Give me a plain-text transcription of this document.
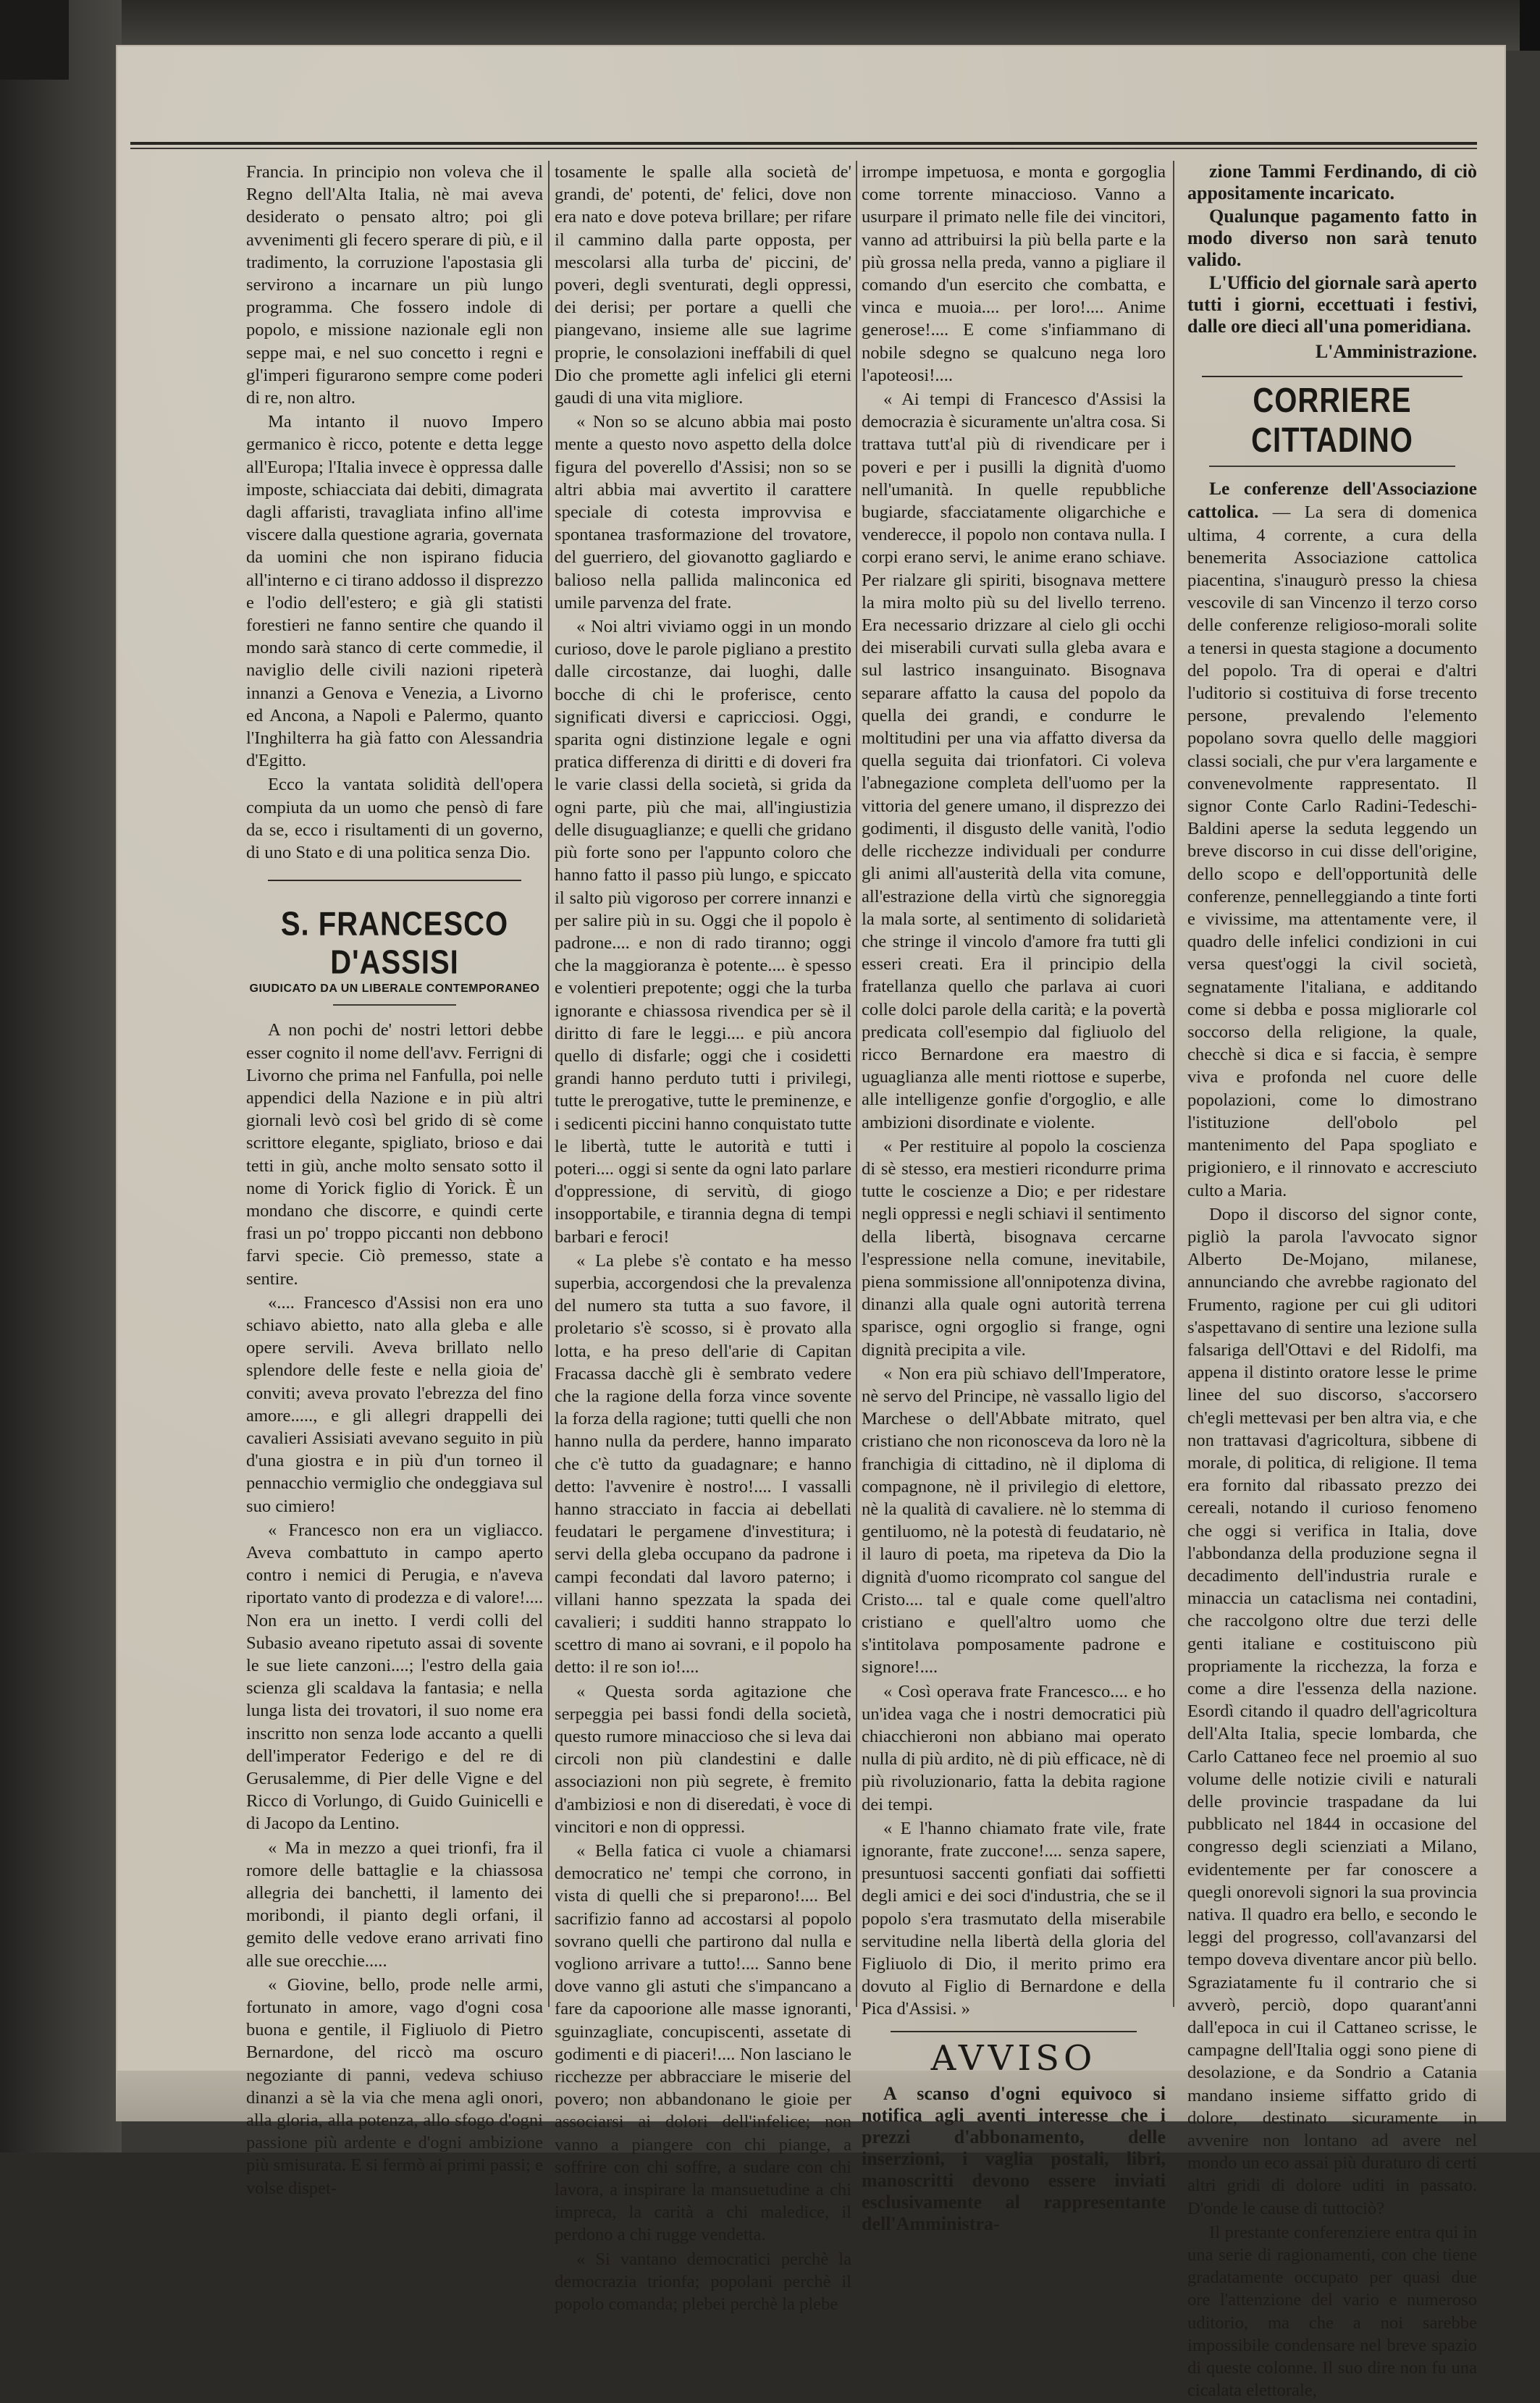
Francia. In principio non voleva che il Regno dell'Alta Italia, nè mai aveva desiderato o pensato altro; poi gli avvenimenti gli fecero sperare di più, e il tradimento, la corruzione l'apostasia gli servirono a incarnare un più lungo programma. Che fossero indole di popolo, e missione nazionale egli non seppe mai, e nel suo concetto i regni e gl'imperi figurarono sempre come poderi di re, non altro.

Ma intanto il nuovo Impero germanico è ricco, potente e detta legge all'Europa; l'Italia invece è oppressa dalle imposte, schiacciata dai debiti, dimagrata dagli affaristi, travagliata infino all'ime viscere dalla questione agraria, governata da uomini che non ispirano fiducia all'interno e ci tirano addosso il disprezzo e l'odio dell'estero; e già gli statisti forestieri ne fanno sentire che quando il mondo sarà stanco di certe commedie, il naviglio delle civili nazioni ripeterà innanzi a Genova e Venezia, a Livorno ed Ancona, a Napoli e Palermo, quanto l'Inghilterra ha già fatto con Alessandria d'Egitto.

Ecco la vantata solidità dell'opera compiuta da un uomo che pensò di fare da se, ecco i risultamenti di un governo, di uno Stato e di una politica senza Dio.

S. FRANCESCO D'ASSISI
GIUDICATO DA UN LIBERALE CONTEMPORANEO

A non pochi de' nostri lettori debbe esser cognito il nome dell'avv. Ferrigni di Livorno che prima nel Fanfulla, poi nelle appendici della Nazione e in più altri giornali levò così bel grido di sè come scrittore elegante, spigliato, brioso e dai tetti in giù, anche molto sensato sotto il nome di Yorick figlio di Yorick. È un mondano che discorre, e quindi certe frasi un po' troppo piccanti non debbono farvi specie. Ciò premesso, state a sentire.

«.... Francesco d'Assisi non era uno schiavo abietto, nato alla gleba e alle opere servili. Aveva brillato nello splendore delle feste e nella gioia de' conviti; aveva provato l'ebrezza del fino amore....., e gli allegri drappelli dei cavalieri Assisiati avevano seguito in più d'una giostra e in più d'un torneo il pennacchio vermiglio che ondeggiava sul suo cimiero!

« Francesco non era un vigliacco. Aveva combattuto in campo aperto contro i nemici di Perugia, e n'aveva riportato vanto di prodezza e di valore!.... Non era un inetto. I verdi colli del Subasio aveano ripetuto assai di sovente le sue liete canzoni....; l'estro della gaia scienza gli scaldava la fantasia; e nella lunga lista dei trovatori, il suo nome era inscritto non senza lode accanto a quelli dell'imperator Federigo e del re di Gerusalemme, di Pier delle Vigne e del Ricco di Vorlungo, di Guido Guinicelli e di Jacopo da Lentino.

« Ma in mezzo a quei trionfi, fra il romore delle battaglie e la chiassosa allegria dei banchetti, il lamento dei moribondi, il pianto degli orfani, il gemito delle vedove erano arrivati fino alle sue orecchie.....

« Giovine, bello, prode nelle armi, fortunato in amore, vago d'ogni cosa buona e gentile, il Figliuolo di Pietro Bernardone, del riccò ma oscuro negoziante di panni, vedeva schiuso dinanzi a sè la via che mena agli onori, alla gloria, alla potenza, allo sfogo d'ogni passione più ardente e d'ogni ambizione più smisurata. E si fermò ai primi passi; e volse dispet-

tosamente le spalle alla società de' grandi, de' potenti, de' felici, dove non era nato e dove poteva brillare; per rifare il cammino dalla parte opposta, per mescolarsi alla turba de' piccini, de' poveri, degli sventurati, degli oppressi, dei derisi; per portare a quelli che piangevano, insieme alle sue lagrime proprie, le consolazioni ineffabili di quel Dio che promette agli infelici gli eterni gaudi di una vita migliore.

« Non so se alcuno abbia mai posto mente a questo novo aspetto della dolce figura del poverello d'Assisi; non so se altri abbia mai avvertito il carattere speciale di cotesta improvvisa e spontanea trasformazione del trovatore, del guerriero, del giovanotto gagliardo e balioso nella pallida malinconica ed umile parvenza del frate.

« Noi altri viviamo oggi in un mondo curioso, dove le parole pigliano a prestito dalle circostanze, dai luoghi, dalle bocche di chi le proferisce, cento significati diversi e capricciosi. Oggi, sparita ogni distinzione legale e ogni pratica differenza di diritti e di doveri fra le varie classi della società, si grida da ogni parte, più che mai, all'ingiustizia delle disuguaglianze; e quelli che gridano più forte sono per l'appunto coloro che hanno fatto il passo più lungo, e spiccato il salto più vigoroso per correre innanzi e per salire più in su. Oggi che il popolo è padrone.... e non di rado tiranno; oggi che la maggioranza è potente.... è spesso e volentieri prepotente; oggi che la turba ignorante e chiassosa rivendica per sè il diritto di fare le leggi.... e più ancora quello di disfarle; oggi che i cosidetti grandi hanno perduto tutti i privilegi, tutte le prerogative, tutte le preminenze, e i sedicenti piccini hanno conquistato tutte le libertà, tutte le autorità e tutti i poteri.... oggi si sente da ogni lato parlare d'oppressione, di servitù, di giogo insopportabile, e tirannia degna di tempi barbari e feroci!

« La plebe s'è contato e ha messo superbia, accorgendosi che la prevalenza del numero sta tutta a suo favore, il proletario s'è scosso, si è provato alla lotta, e ha preso dell'arie di Capitan Fracassa dacchè gli è sembrato vedere che la ragione della forza vince sovente la forza della ragione; tutti quelli che non hanno nulla da perdere, hanno imparato che c'è tutto da guadagnare; e hanno detto: l'avvenire è nostro!.... I vassalli hanno stracciato in faccia ai debellati feudatari le pergamene d'investitura; i servi della gleba occupano da padrone i campi fecondati dal lavoro paterno; i villani hanno spezzata la spada dei cavalieri; i sudditi hanno strappato lo scettro di mano ai sovrani, e il popolo ha detto: il re son io!....

« Questa sorda agitazione che serpeggia pei bassi fondi della società, questo rumore minaccioso che si leva dai circoli non più clandestini e dalle associazioni non più segrete, è fremito d'ambiziosi e non di diseredati, è voce di vincitori e non di oppressi.

« Bella fatica ci vuole a chiamarsi democratico ne' tempi che corrono, in vista di quelli che si preparono!.... Bel sacrifizio fanno ad accostarsi al popolo sovrano quelli che partirono dal nulla e vogliono arrivare a tutto!.... Sanno bene dove vanno gli astuti che s'impancano a fare da capoorione alle masse ignoranti, sguinzagliate, concupiscenti, assetate di godimenti e di piaceri!.... Non lasciano le ricchezze per abbracciare le miserie del povero; non abbandonano le gioie per associarsi ai dolori dell'infelice; non vanno a piangere con chi piange, a soffrire con chi soffre, a sudare con chi lavora, a inspirare la mansuetudine a chi impreca, la carità a chi maledice, il perdono a chi rugge vendetta.

« Si vantano democratici perchè la democrazia trionfa; popolani perchè il popolo comanda; plebei perchè la plebe

irrompe impetuosa, e monta e gorgoglia come torrente minaccioso. Vanno a usurpare il primato nelle file dei vincitori, vanno ad attribuirsi la più bella parte e la più grossa nella preda, vanno a pigliare il comando d'un esercito che combatta, e vinca e muoia.... per loro!.... Anime generose!.... E come s'infiammano di nobile sdegno se qualcuno nega loro l'apoteosi!....

« Ai tempi di Francesco d'Assisi la democrazia è sicuramente un'altra cosa. Si trattava tutt'al più di rivendicare per i poveri e per i pusilli la dignità d'uomo nell'umanità. In quelle repubbliche bugiarde, sfacciatamente oligarchiche e venderecce, il popolo non contava nulla. I corpi erano servi, le anime erano schiave. Per rialzare gli spiriti, bisognava mettere la mira molto più su del livello terreno. Era necessario drizzare al cielo gli occhi dei miserabili curvati sulla gleba avara e sul lastrico insanguinato. Bisognava separare affatto la causa del popolo da quella dei grandi, e condurre le moltitudini per una via affatto diversa da quella seguita dai trionfatori. Ci voleva l'abnegazione completa dell'uomo per la vittoria del genere umano, il disprezzo dei godimenti, il disgusto delle vanità, l'odio delle ricchezze individuali per condurre gli animi all'austerità della vita comune, all'estrazione della virtù che signoreggia la mala sorte, al sentimento di solidarietà che stringe il vincolo d'amore fra tutti gli esseri creati. Era il principio della fratellanza quello che parlava ai cuori colle dolci parole della carità; e la povertà predicata coll'esempio dal figliuolo del ricco Bernardone era maestro di uguaglianza alle menti riottose e superbe, alle intelligenze gonfie d'orgoglio, e alle ambizioni disordinate e violente.

« Per restituire al popolo la coscienza di sè stesso, era mestieri ricondurre prima tutte le coscienze a Dio; e per ridestare negli oppressi e negli schiavi il sentimento della libertà, bisognava cercarne l'espressione nella comune, inevitabile, piena sommissione all'onnipotenza divina, dinanzi alla quale ogni autorità terrena sparisce, ogni orgoglio si frange, ogni dignità precipita a vile.

« Non era più schiavo dell'Imperatore, nè servo del Principe, nè vassallo ligio del Marchese o dell'Abbate mitrato, quel cristiano che non riconosceva da loro nè la franchigia di cittadino, nè il diploma di compagnone, nè il privilegio di elettore, nè la qualità di cavaliere. nè lo stemma di gentiluomo, nè la potestà di feudatario, nè il lauro di poeta, ma ripeteva da Dio la dignità d'uomo ricomprato col sangue del Cristo.... tal e quale come quell'altro cristiano e quell'altro uomo che s'intitolava pomposamente padrone e signore!....

« Così operava frate Francesco.... e ho un'idea vaga che i nostri democratici più chiacchieroni non abbiano mai operato nulla di più ardito, nè di più efficace, nè di più rivoluzionario, fatta la debita ragione dei tempi.

« E l'hanno chiamato frate vile, frate ignorante, frate zuccone!.... senza sapere, presuntuosi saccenti gonfiati dai soffietti degli amici e dei soci d'industria, che se il popolo s'era trasmutato della miserabile servitudine nella libertà della gloria del Figliuolo di Dio, il merito primo era dovuto al Figlio di Bernardone e della Pica d'Assisi. »

AVVISO

A scanso d'ogni equivoco si notifica agli aventi interesse che i prezzi d'abbonamento, delle inserzioni, i vaglia postali, libri, manoscritti devono essere inviati esclusivamente al rappresentante dell'Amministra-

zione Tammi Ferdinando, di ciò appositamente incaricato.

Qualunque pagamento fatto in modo diverso non sarà tenuto valido.

L'Ufficio del giornale sarà aperto tutti i giorni, eccettuati i festivi, dalle ore dieci all'una pomeridiana.

L'Amministrazione.
CORRIERE CITTADINO

Le conferenze dell'Associazione cattolica. — La sera di domenica ultima, 4 corrente, a cura della benemerita Associazione cattolica piacentina, s'inaugurò presso la chiesa vescovile di san Vincenzo il terzo corso delle conferenze religioso-morali solite a tenersi in questa stagione a documento del popolo. Tra di operai e d'altri l'uditorio si costituiva di forse trecento persone, prevalendo l'elemento popolano sovra quello delle maggiori classi sociali, che pur v'era largamente e convenevolmente rappresentato. Il signor Conte Carlo Radini-Tedeschi-Baldini aperse la seduta leggendo un breve discorso in cui disse dell'origine, dello scopo e dell'opportunità delle conferenze, pennelleggiando a tinte forti e vivissime, ma attentamente vere, il quadro delle infelici condizioni in cui versa quest'oggi la civil società, segnatamente l'italiana, e additando come si debba e possa migliorarle col soccorso della religione, la quale, checchè si dica e si faccia, è sempre viva e profonda nel cuore delle popolazioni, come lo dimostrano l'istituzione dell'obolo pel mantenimento del Papa spogliato e prigioniero, e il rinnovato e accresciuto culto a Maria.

Dopo il discorso del signor conte, pigliò la parola l'avvocato signor Alberto De-Mojano, milanese, annunciando che avrebbe ragionato del Frumento, ragione per cui gli uditori s'aspettavano di sentire una lezione sulla falsariga dell'Ottavi e del Ridolfi, ma appena il distinto oratore lesse le prime linee del suo discorso, s'accorsero ch'egli mettevasi per ben altra via, e che non trattavasi d'agricoltura, sibbene di morale, di politica, di religione. Il tema era fornito dal ribassato prezzo dei cereali, notando il curioso fenomeno che oggi si verifica in Italia, dove l'abbondanza della produzione segna il decadimento dell'industria rurale e minaccia un cataclisma nei contadini, che raccolgono oltre due terzi delle genti italiane e costituiscono più propriamente la ricchezza, la forza e come a dire l'essenza della nazione. Esordì citando il quadro dell'agricoltura dell'Alta Italia, specie lombarda, che Carlo Cattaneo fece nel proemio al suo volume delle notizie civili e naturali delle provincie traspadane da lui pubblicato nel 1844 in occasione del congresso degli scienziati a Milano, evidentemente per far conoscere a quegli onorevoli signori la sua provincia nativa. Il quadro era bello, e secondo le leggi del progresso, coll'avanzarsi del tempo doveva diventare ancor più bello. Sgraziatamente fu il contrario che si avverò, perciò, dopo quarant'anni dall'epoca in cui il Cattaneo scrisse, le campagne dell'Italia oggi sono piene di desolazione, e da Sondrio a Catania mandano insieme siffatto grido di dolore, destinato sicuramente in avvenire non lontano ad avere nel mondo un eco assai più duraturo di certi altri gridi di dolore uditi in passato. D'onde le cause di tuttociò?

Il prestante conferenziere entra qui in una serie di ragionamenti, con che tiene gradatamente occupato per quasi due ore l'attenzione del vario e numeroso uditorio, ma che a noi sarebbe impossibile condensare nel breve spazio di queste colonne. Il suo dire non fu una cicalata elettorale,
